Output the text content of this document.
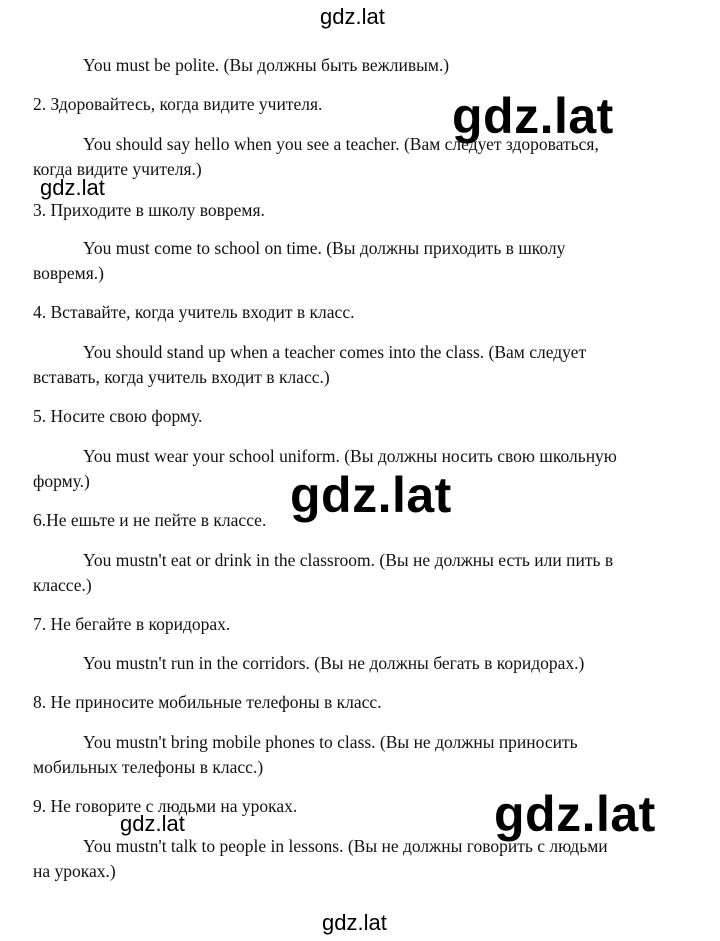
gdz.lat

You must be polite. (Вы должны быть вежливым.)

2. Здоровайтесь, когда видите учителя.

You should say hello when you see a teacher. (Вам следует здороваться,

когда видите учителя.)

3. Приходите в школу вовремя.

You must come to school on time. (Вы должны приходить в школу

вовремя.)

4. Вставайте, когда учитель входит в класс.

You should stand up when a teacher comes into the class. (Вам следует

вставать, когда учитель входит в класс.)

5. Носите свою форму.

You must wear your school uniform. (Вы должны носить свою школьную

форму.)

6.Не ешьте и не пейте в классе.

You mustn't eat or drink in the classroom. (Вы не должны есть или пить в

классе.)

7. Не бегайте в коридорах.

You mustn't run in the corridors. (Вы не должны бегать в коридорах.)

8. Не приносите мобильные телефоны в класс.

You mustn't bring mobile phones to class. (Вы не должны приносить

мобильных телефоны в класс.)

9. Не говорите с людьми на уроках.

You mustn't talk to people in lessons. (Вы не должны говорить с людьми

на уроках.)

gdz.lat
gdz.lat
gdz.lat
gdz.lat
gdz.lat
gdz.lat
